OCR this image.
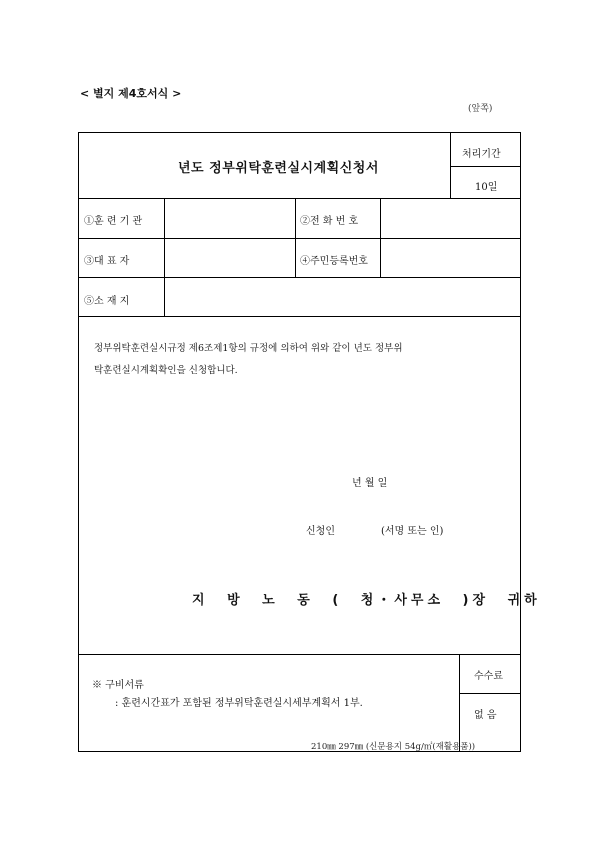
< 별지 제4호서식 >
(앞쪽)
년도 정부위탁훈련실시계획신청서
처리기간
10일
①훈 련 기 관	②전 화 번 호
③대 표 자	④주민등록번호
⑤소 재 지
정부위탁훈련실시규정 제6조제1항의 규정에 의하여 위와 같이 년도 정부위
탁훈련실시계획확인을 신청합니다.
년 월 일
신청인	(서명 또는 인)
지 방 노 동 ( 청・사무소 )장 귀하
※ 구비서류
: 훈련시간표가 포함된 정부위탁훈련실시세부계획서 1부.
수수료
없 음
210㎜ 297㎜ (신문용지 54g/㎡(재활용품))
